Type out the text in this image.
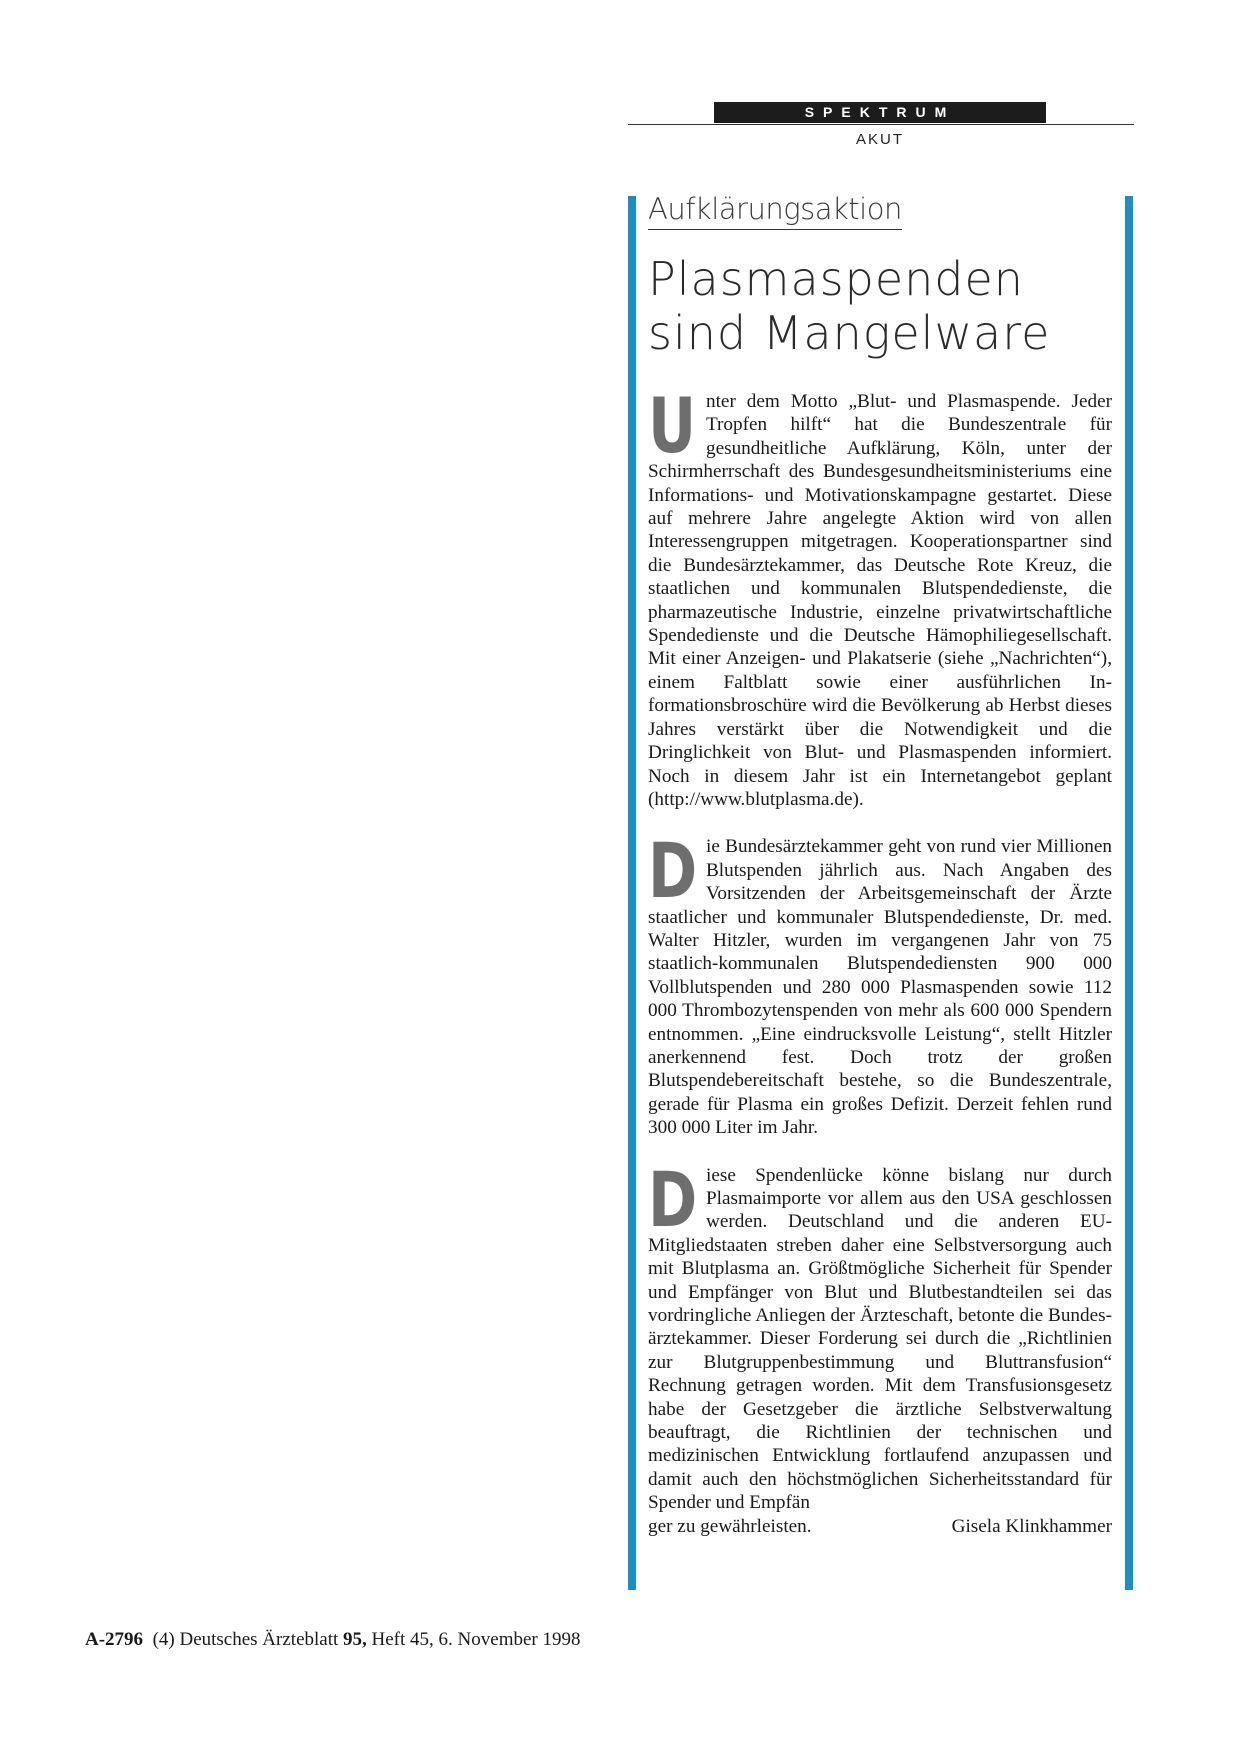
SPEKTRUM
AKUT
Aufklärungsaktion
Plasmaspenden
sind Mangelware

Unter dem Motto „Blut- und Plasmaspende. Jeder Tropfen hilft“ hat die Bundeszentrale für gesundheitliche Aufklärung, Köln, unter der Schirmherrschaft des Bundesgesundheitsministeriums eine Informations- und Motivationskampagne gestartet. Diese auf mehrere Jahre angelegte Aktion wird von allen Interessengruppen mitgetragen. Kooperationspartner sind die Bundesärztekammer, das Deutsche Rote Kreuz, die staatlichen und kommunalen Blutspendedienste, die pharmazeutische Industrie, einzelne privatwirtschaftliche Spendedienste und die Deutsche Hämophiliegesellschaft. Mit einer Anzeigen- und Plakatserie (siehe „Nachrichten“), einem Faltblatt sowie einer ausführlichen Informationsbroschüre wird die Bevölkerung ab Herbst dieses Jahres verstärkt über die Notwendigkeit und die Dringlichkeit von Blut- und Plasmaspenden informiert. Noch in diesem Jahr ist ein Internetangebot geplant (http://www.blutplasma.de).

Die Bundesärztekammer geht von rund vier Millionen Blutspenden jährlich aus. Nach Angaben des Vorsitzenden der Arbeitsgemeinschaft der Ärzte staatlicher und kommunaler Blutspendedienste, Dr. med. Walter Hitzler, wurden im vergangenen Jahr von 75 staatlich-kommunalen Blutspendediensten 900 000 Vollblutspenden und 280 000 Plasmaspenden sowie 112 000 Thrombozytenspenden von mehr als 600 000 Spendern entnommen. „Eine eindrucksvolle Leistung“, stellt Hitzler anerkennend fest. Doch trotz der großen Blutspendebereitschaft bestehe, so die Bundeszentrale, gerade für Plasma ein großes Defizit. Derzeit fehlen rund 300 000 Liter im Jahr.

Diese Spendenlücke könne bislang nur durch Plasmaimporte vor allem aus den USA geschlossen werden. Deutschland und die anderen EU-Mitgliedstaaten streben daher eine Selbstversorgung auch mit Blutplasma an. Größtmögliche Sicherheit für Spender und Empfänger von Blut und Blutbestandteilen sei das vordringliche Anliegen der Ärzteschaft, betonte die Bundesärztekammer. Dieser Forderung sei durch die „Richtlinien zur Blutgruppenbestimmung und Bluttransfusion“ Rechnung getragen worden. Mit dem Transfusionsgesetz habe der Gesetzgeber die ärztliche Selbstverwaltung beauftragt, die Richtlinien der technischen und medizinischen Entwicklung fortlaufend anzupassen und damit auch den höchstmöglichen Sicherheitsstandard für Spender und Empfän
ger zu gewährleisten.	Gisela Klinkhammer

A-2796 (4) Deutsches Ärzteblatt 95, Heft 45, 6. November 1998
